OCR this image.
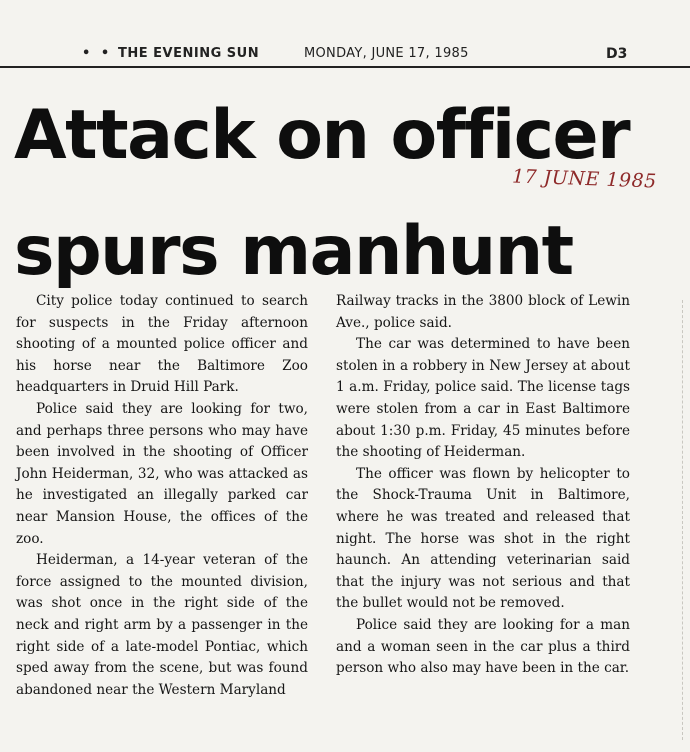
• • THE EVENING SUN	MONDAY, JUNE 17, 1985	D3
Attack on officer
spurs manhunt
17 JUNE 1985

City police today continued to search for suspects in the Friday afternoon shooting of a mounted police officer and his horse near the Baltimore Zoo headquarters in Druid Hill Park.

Police said they are looking for two, and perhaps three persons who may have been involved in the shooting of Officer John Heiderman, 32, who was attacked as he investigated an illegally parked car near Mansion House, the offices of the zoo.

Heiderman, a 14-year veteran of the force assigned to the mounted division, was shot once in the right side of the neck and right arm by a passenger in the right side of a late-model Pontiac, which sped away from the scene, but was found abandoned near the Western Maryland

Railway tracks in the 3800 block of Lewin Ave., police said.

The car was determined to have been stolen in a robbery in New Jersey at about 1 a.m. Friday, police said. The license tags were stolen from a car in East Baltimore about 1:30 p.m. Friday, 45 minutes before the shooting of Heiderman.

The officer was flown by helicopter to the Shock-Trauma Unit in Baltimore, where he was treated and released that night. The horse was shot in the right haunch. An attending veterinarian said that the injury was not serious and that the bullet would not be removed.

Police said they are looking for a man and a woman seen in the car plus a third person who also may have been in the car.
